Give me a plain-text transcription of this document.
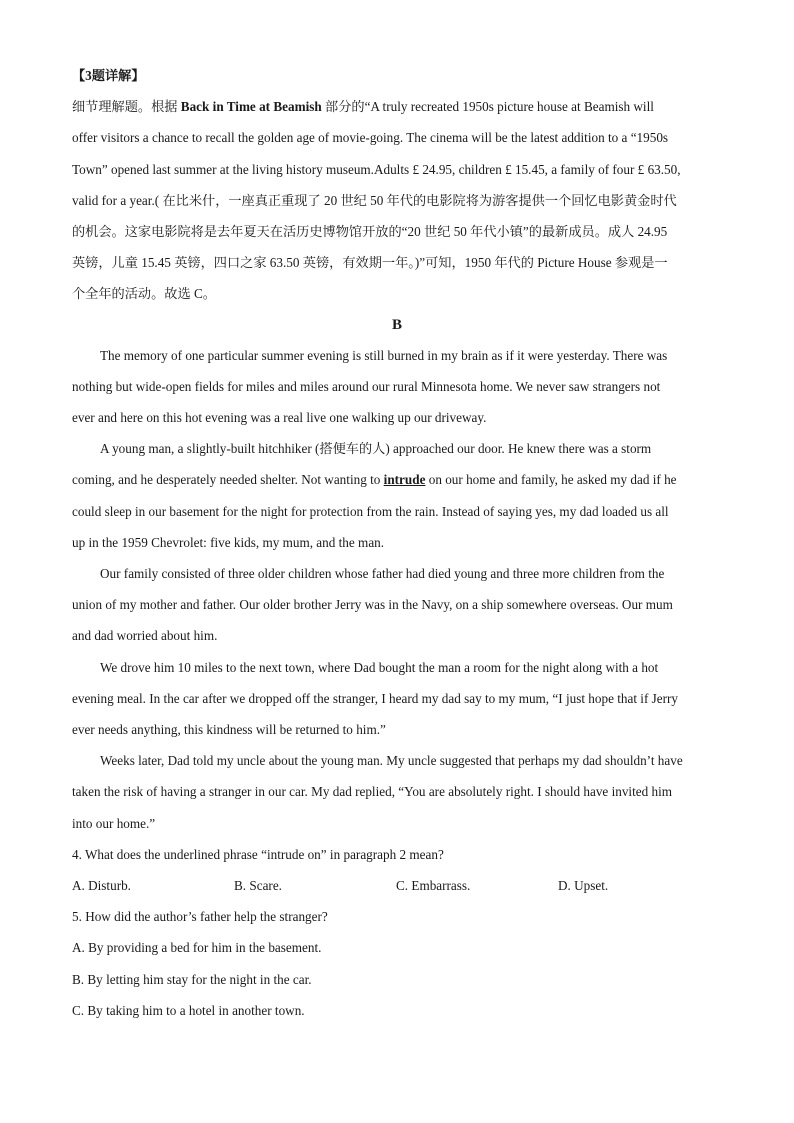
【3题详解】
细节理解题。根据 Back in Time at Beamish 部分的“A truly recreated 1950s picture house at Beamish will
offer visitors a chance to recall the golden age of movie-going. The cinema will be the latest addition to a “1950s
Town” opened last summer at the living history museum.Adults £ 24.95, children £ 15.45, a family of four £ 63.50,
valid for a year.( 在比米什，一座真正重现了 20 世纪 50 年代的电影院将为游客提供一个回忆电影黄金时代
的机会。这家电影院将是去年夏天在活历史博物馆开放的“20 世纪 50 年代小镇”的最新成员。成人 24.95
英镑，儿童 15.45 英镑，四口之家 63.50 英镑，有效期一年。)”可知，1950 年代的 Picture House 参观是一
个全年的活动。故选 C。
B
The memory of one particular summer evening is still burned in my brain as if it were yesterday. There was
nothing but wide-open fields for miles and miles around our rural Minnesota home. We never saw strangers not
ever and here on this hot evening was a real live one walking up our driveway.
A young man, a slightly-built hitchhiker (搭便车的人) approached our door. He knew there was a storm
coming, and he desperately needed shelter. Not wanting to intrude on our home and family, he asked my dad if he
could sleep in our basement for the night for protection from the rain. Instead of saying yes, my dad loaded us all
up in the 1959 Chevrolet: five kids, my mum, and the man.
Our family consisted of three older children whose father had died young and three more children from the
union of my mother and father. Our older brother Jerry was in the Navy, on a ship somewhere overseas. Our mum
and dad worried about him.
We drove him 10 miles to the next town, where Dad bought the man a room for the night along with a hot
evening meal. In the car after we dropped off the stranger, I heard my dad say to my mum, “I just hope that if Jerry
ever needs anything, this kindness will be returned to him.”
Weeks later, Dad told my uncle about the young man. My uncle suggested that perhaps my dad shouldn’t have
taken the risk of having a stranger in our car. My dad replied, “You are absolutely right. I should have invited him
into our home.”
4. What does the underlined phrase “intrude on” in paragraph 2 mean?
A. Disturb.	B. Scare.	C. Embarrass.	D. Upset.
5. How did the author’s father help the stranger?
A. By providing a bed for him in the basement.
B. By letting him stay for the night in the car.
C. By taking him to a hotel in another town.
